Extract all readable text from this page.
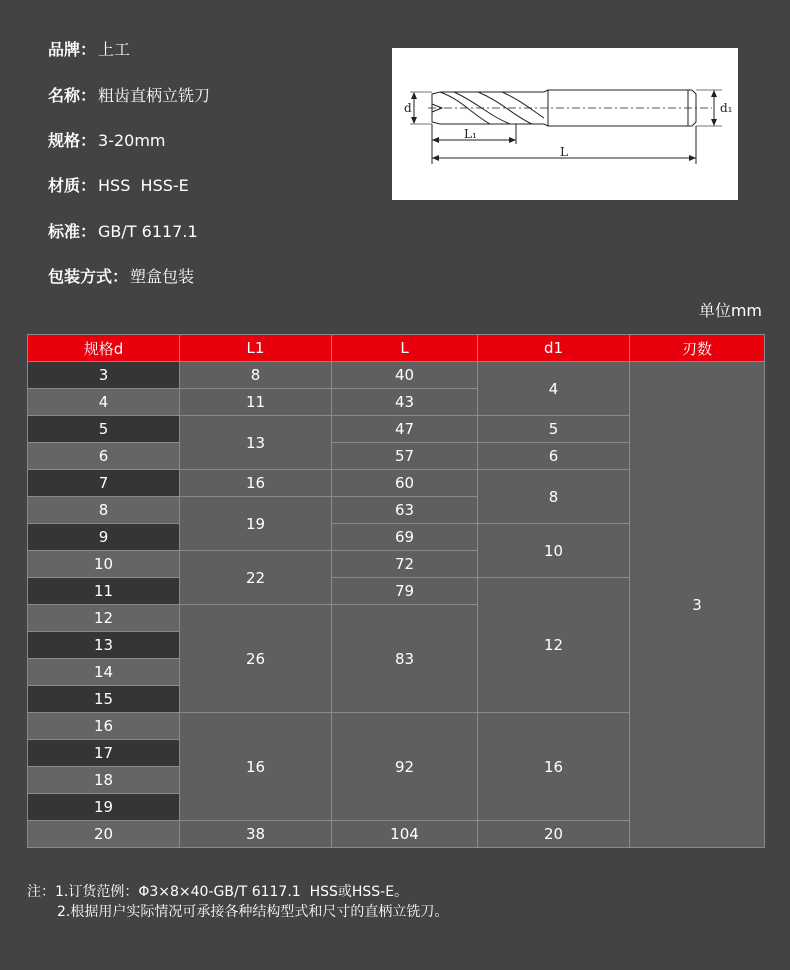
品牌： 上工
名称： 粗齿直柄立铣刀
规格： 3-20mm
材质： HSS  HSS-E
标准： GB/T 6117.1
包装方式： 塑盒包装
d	d₁
L₁
L
单位mm
规格d	L1	L	d1	刃数
3	8	40	4	3
4	11	43		
5	13	47	5	
6		57	6	
7	16	60	8	
8	19	63		
9		69	10	
10	22	72		
11		79	12	
12	26	83		
13				
14				
15				
16	16	92	16	
17				
18				
19				
20	38	104	20	
注：1.订货范例：Φ3×8×40-GB/T 6117.1  HSS或HSS-E。
2.根据用户实际情况可承接各种结构型式和尺寸的直柄立铣刀。
